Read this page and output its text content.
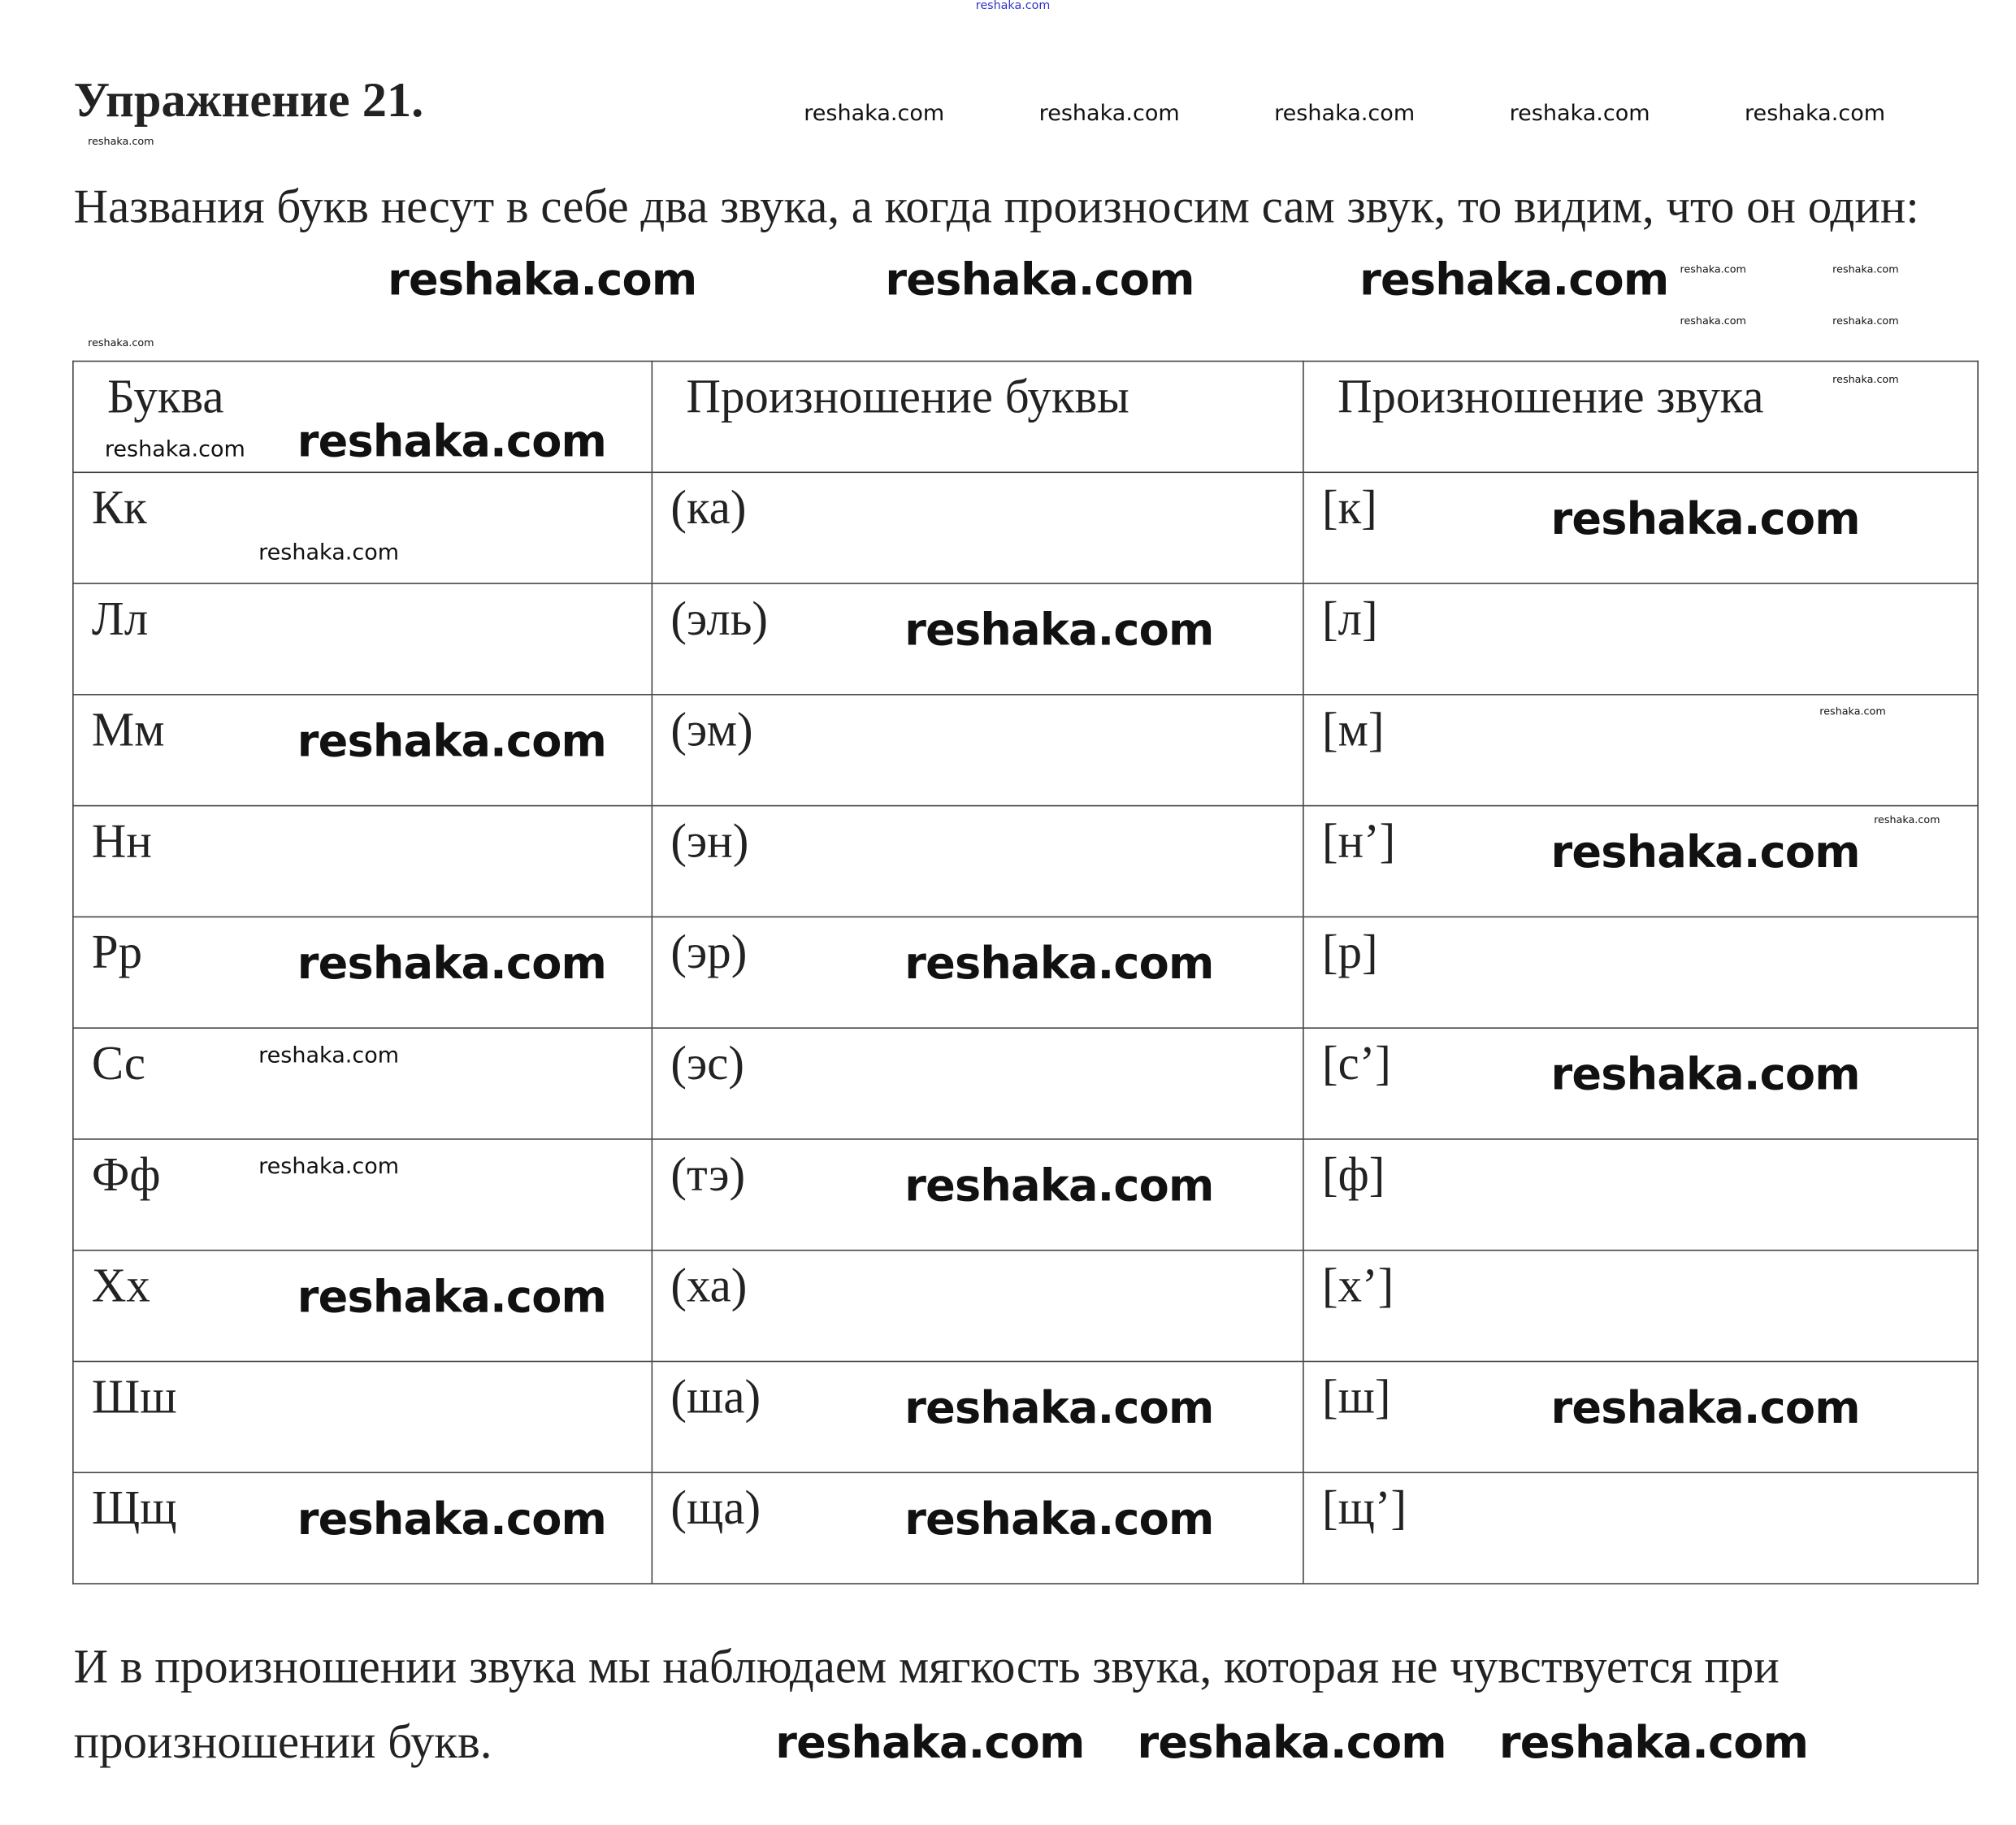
reshaka.com
Упражнение 21.
Названия букв несут в себе два звука, а когда произносим сам звук, то видим, что он один:
Буква	Произношение буквы	Произношение звука
Кк	(ка)	[к]
Лл	(эль)	[л]
Мм	(эм)	[м]
Нн	(эн)	[н’]
Рр	(эр)	[р]
Сс	(эс)	[с’]
Фф	(тэ)	[ф]
Хх	(ха)	[х’]
Шш	(ша)	[ш]
Щщ	(ща)	[щ’]
И в произношении звука мы наблюдаем мягкость звука, которая не чувствуется при произношении букв.
reshaka.com	reshaka.com	reshaka.com	reshaka.com	reshaka.com
reshaka.com
reshaka.com	reshaka.com
reshaka.com	reshaka.com
reshaka.com
reshaka.com
reshaka.com	reshaka.com	reshaka.com
reshaka.com reshaka.com
reshaka.com
reshaka.com
reshaka.com
reshaka.com
reshaka.com
reshaka.com
reshaka.com
reshaka.com
reshaka.com
reshaka.com	reshaka.com
reshaka.com	reshaka.com
reshaka.com
reshaka.com
reshaka.com
reshaka.com	reshaka.com
reshaka.com reshaka.com reshaka.com
